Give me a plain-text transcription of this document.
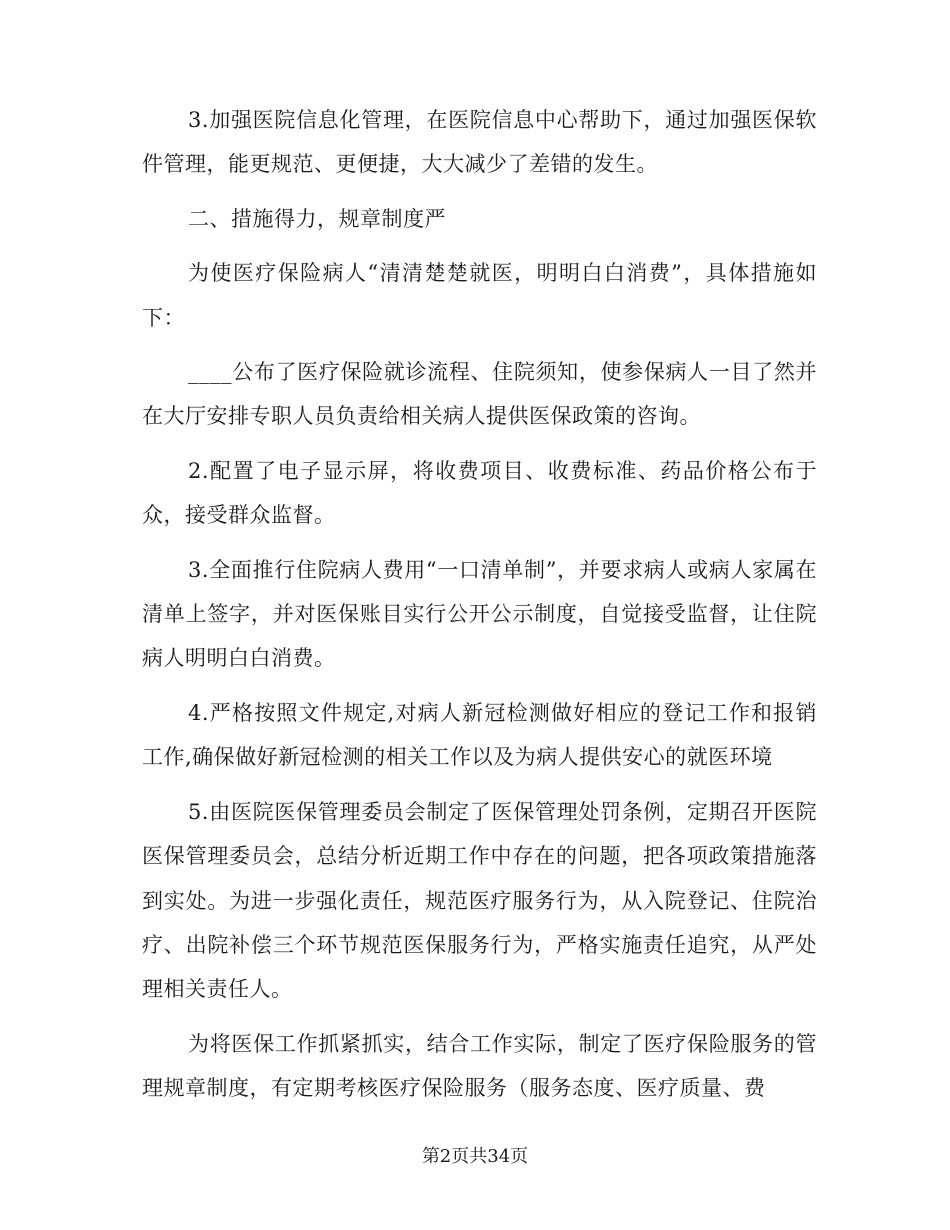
3.加强医院信息化管理，在医院信息中心帮助下，通过加强医保软件管理，能更规范、更便捷，大大减少了差错的发生。

二、措施得力，规章制度严

为使医疗保险病人“清清楚楚就医，明明白白消费”，具体措施如下：

____公布了医疗保险就诊流程、住院须知，使参保病人一目了然并在大厅安排专职人员负责给相关病人提供医保政策的咨询。

2.配置了电子显示屏，将收费项目、收费标准、药品价格公布于众，接受群众监督。

3.全面推行住院病人费用“一口清单制”，并要求病人或病人家属在清单上签字，并对医保账目实行公开公示制度，自觉接受监督，让住院病人明明白白消费。

4.严格按照文件规定,对病人新冠检测做好相应的登记工作和报销工作,确保做好新冠检测的相关工作以及为病人提供安心的就医环境

5.由医院医保管理委员会制定了医保管理处罚条例，定期召开医院医保管理委员会，总结分析近期工作中存在的问题，把各项政策措施落到实处。为进一步强化责任，规范医疗服务行为，从入院登记、住院治疗、出院补偿三个环节规范医保服务行为，严格实施责任追究，从严处理相关责任人。

为将医保工作抓紧抓实，结合工作实际，制定了医疗保险服务的管理规章制度，有定期考核医疗保险服务（服务态度、医疗质量、费

第2页共34页
